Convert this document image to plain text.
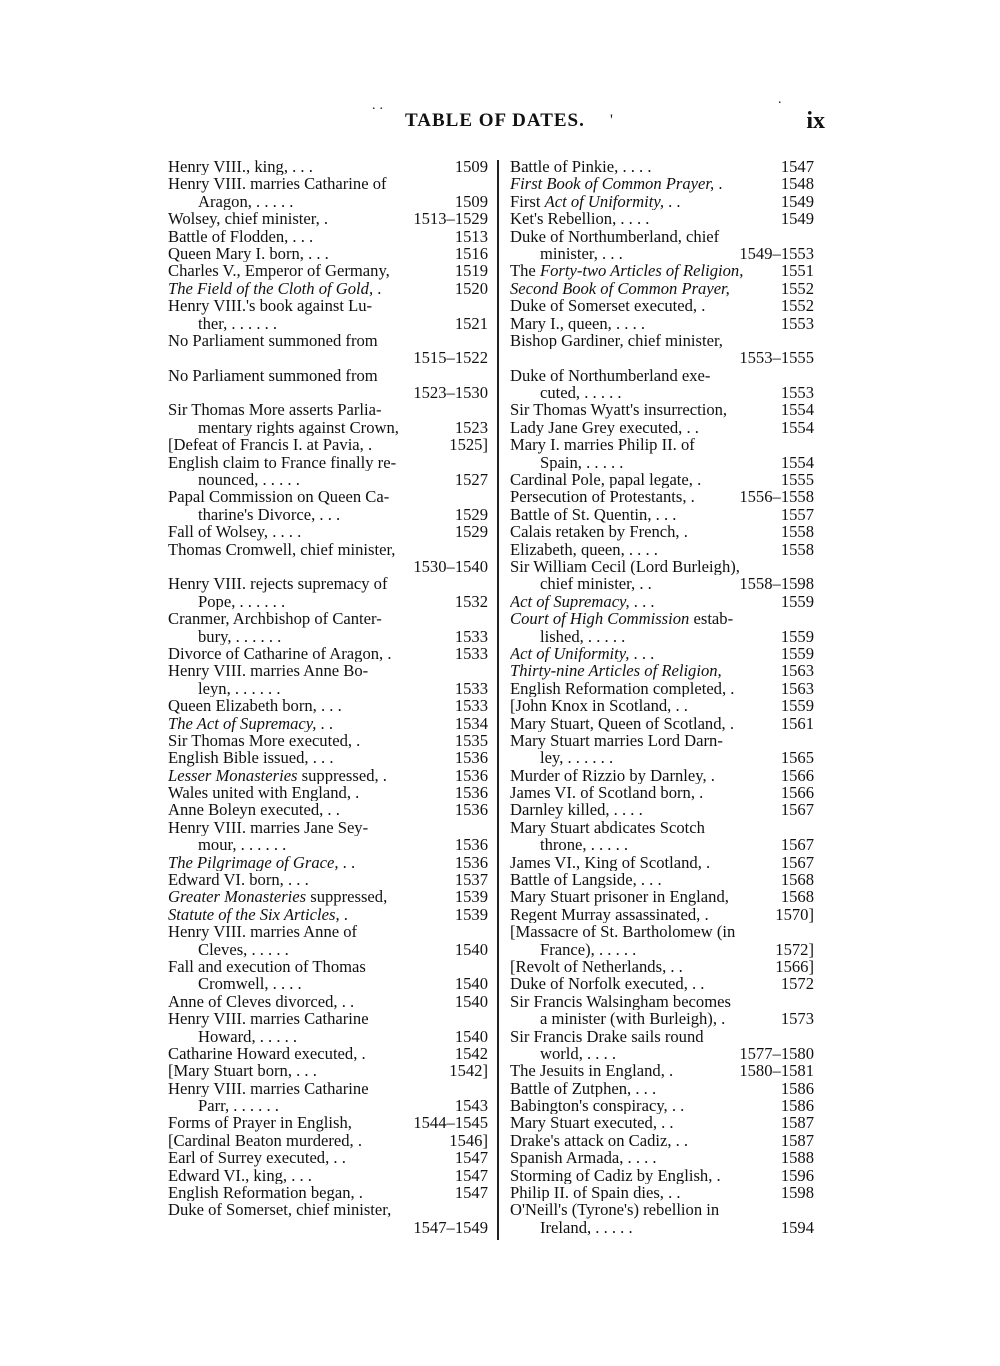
..	.
TABLE OF DATES. '	ix
Henry VIII., king, . . .	1509
Henry VIII. marries Catharine of
Aragon, . . . . .	1509
Wolsey, chief minister, .	1513–1529
Battle of Flodden, . . .	1513
Queen Mary I. born, . . .	1516
Charles V., Emperor of Germany,	1519
The Field of the Cloth of Gold, .	1520
Henry VIII.'s book against Lu-
ther, . . . . . .	1521
No Parliament summoned from
1515–1522
No Parliament summoned from
1523–1530
Sir Thomas More asserts Parlia-
mentary rights against Crown,	1523
[Defeat of Francis I. at Pavia, .	1525]
English claim to France finally re-
nounced, . . . . .	1527
Papal Commission on Queen Ca-
tharine's Divorce, . . .	1529
Fall of Wolsey, . . . .	1529
Thomas Cromwell, chief minister,
1530–1540
Henry VIII. rejects supremacy of
Pope, . . . . . .	1532
Cranmer, Archbishop of Canter-
bury, . . . . . .	1533
Divorce of Catharine of Aragon, .	1533
Henry VIII. marries Anne Bo-
leyn, . . . . . .	1533
Queen Elizabeth born, . . .	1533
The Act of Supremacy, . .	1534
Sir Thomas More executed, .	1535
English Bible issued, . . .	1536
Lesser Monasteries suppressed, .	1536
Wales united with England, .	1536
Anne Boleyn executed, . .	1536
Henry VIII. marries Jane Sey-
mour, . . . . . .	1536
The Pilgrimage of Grace, . .	1536
Edward VI. born, . . .	1537
Greater Monasteries suppressed,	1539
Statute of the Six Articles, .	1539
Henry VIII. marries Anne of
Cleves, . . . . .	1540
Fall and execution of Thomas
Cromwell, . . . .	1540
Anne of Cleves divorced, . .	1540
Henry VIII. marries Catharine
Howard, . . . . .	1540
Catharine Howard executed, .	1542
[Mary Stuart born, . . .	1542]
Henry VIII. marries Catharine
Parr, . . . . . .	1543
Forms of Prayer in English,	1544–1545
[Cardinal Beaton murdered, .	1546]
Earl of Surrey executed, . .	1547
Edward VI., king, . . .	1547
English Reformation began, .	1547
Duke of Somerset, chief minister,
1547–1549
Battle of Pinkie, . . . .	1547
First Book of Common Prayer, .	1548
First Act of Uniformity, . .	1549
Ket's Rebellion, . . . .	1549
Duke of Northumberland, chief
minister, . . .	1549–1553
The Forty-two Articles of Religion, 1551
Second Book of Common Prayer,	1552
Duke of Somerset executed, .	1552
Mary I., queen, . . . .	1553
Bishop Gardiner, chief minister,
1553–1555
Duke of Northumberland exe-
cuted, . . . . .	1553
Sir Thomas Wyatt's insurrection,	1554
Lady Jane Grey executed, . .	1554
Mary I. marries Philip II. of
Spain, . . . . .	1554
Cardinal Pole, papal legate, .	1555
Persecution of Protestants, .	1556–1558
Battle of St. Quentin, . . .	1557
Calais retaken by French, .	1558
Elizabeth, queen, . . . .	1558
Sir William Cecil (Lord Burleigh),
chief minister, . .	1558–1598
Act of Supremacy, . . .	1559
Court of High Commission estab-
lished, . . . . .	1559
Act of Uniformity, . . .	1559
Thirty-nine Articles of Religion,	1563
English Reformation completed, .	1563
[John Knox in Scotland, . .	1559
Mary Stuart, Queen of Scotland, .	1561
Mary Stuart marries Lord Darn-
ley, . . . . . .	1565
Murder of Rizzio by Darnley, .	1566
James VI. of Scotland born, .	1566
Darnley killed, . . . .	1567
Mary Stuart abdicates Scotch
throne, . . . . .	1567
James VI., King of Scotland, .	1567
Battle of Langside, . . .	1568
Mary Stuart prisoner in England,	1568
Regent Murray assassinated, .	1570]
[Massacre of St. Bartholomew (in
France), . . . . .	1572]
[Revolt of Netherlands, . .	1566]
Duke of Norfolk executed, . .	1572
Sir Francis Walsingham becomes
a minister (with Burleigh), .	1573
Sir Francis Drake sails round
world, . . . .	1577–1580
The Jesuits in England, .	1580–1581
Battle of Zutphen, . . .	1586
Babington's conspiracy, . .	1586
Mary Stuart executed, . .	1587
Drake's attack on Cadiz, . .	1587
Spanish Armada, . . . .	1588
Storming of Cadiz by English, .	1596
Philip II. of Spain dies, . .	1598
O'Neill's (Tyrone's) rebellion in
Ireland, . . . . .	1594
